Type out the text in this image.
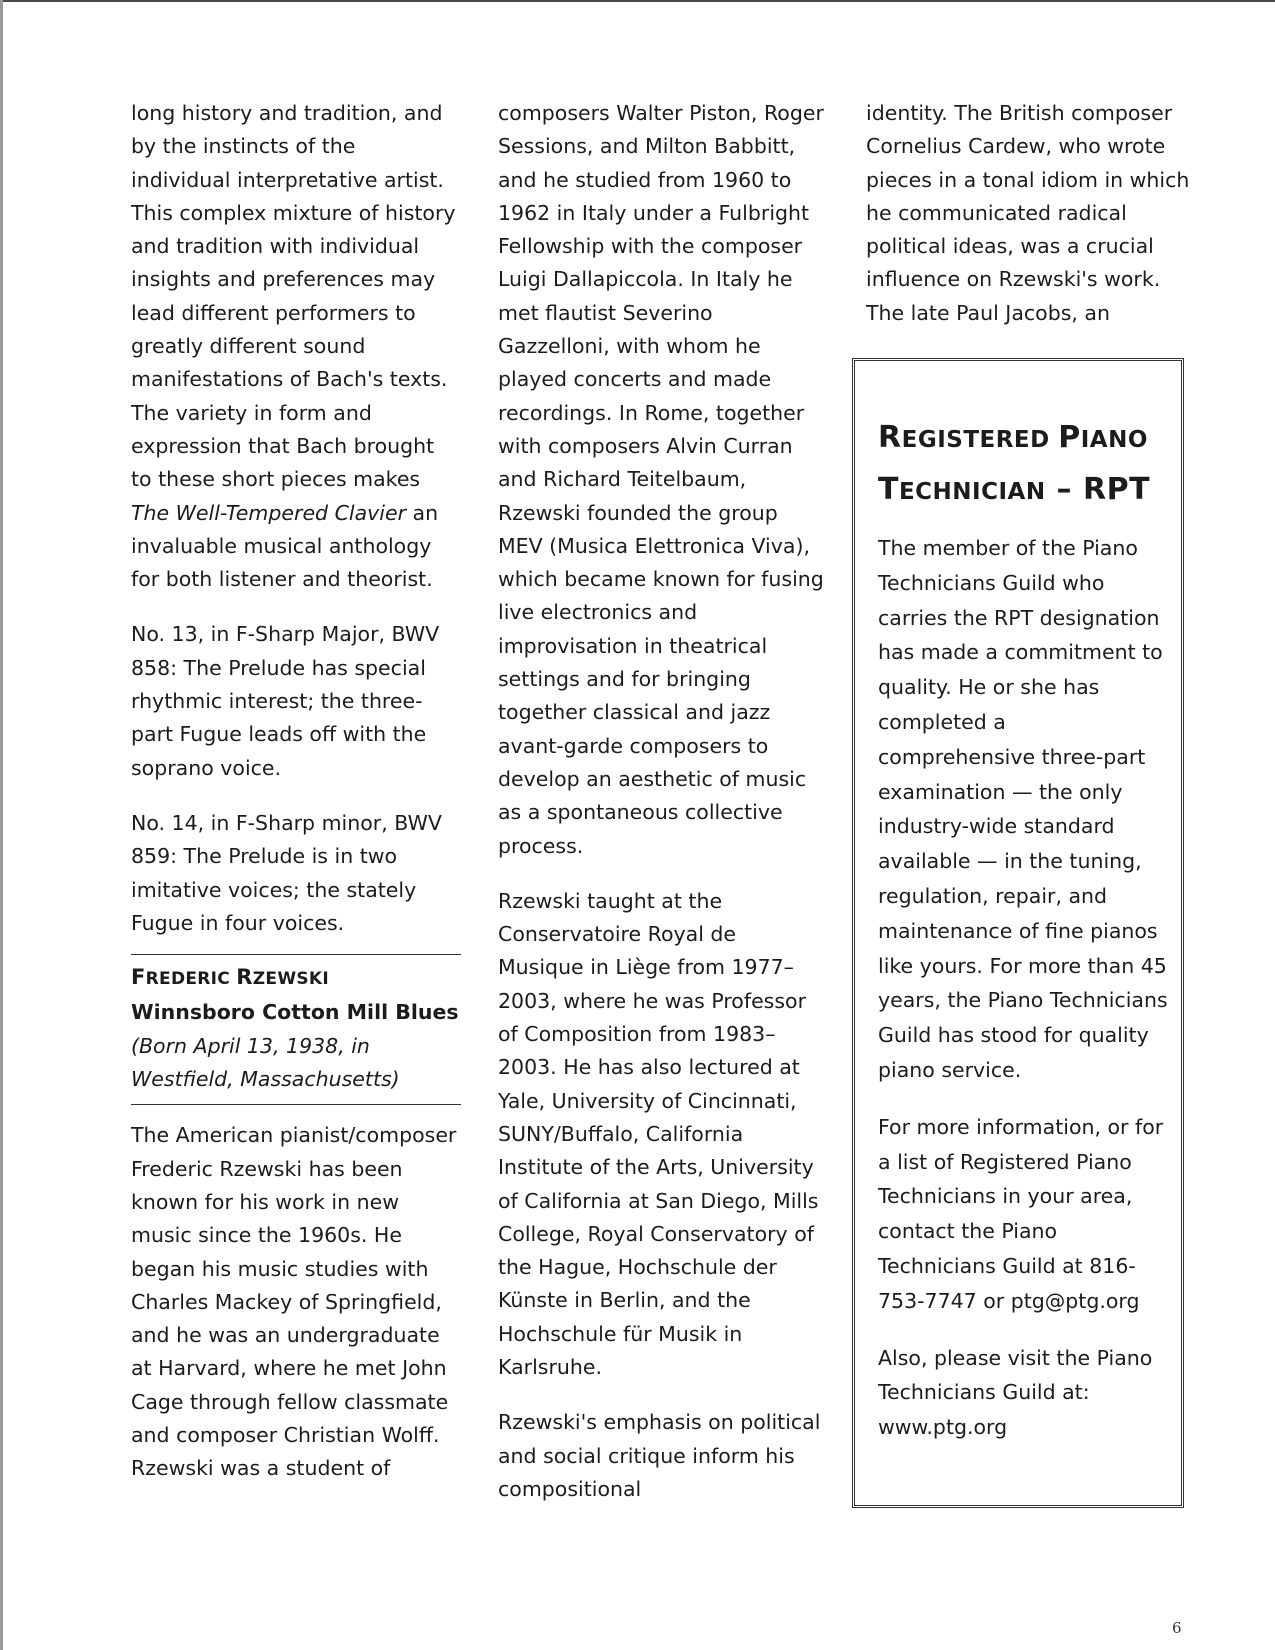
long history and tradition, and by the instincts of the individual interpretative artist. This complex mixture of history and tradition with individual insights and preferences may lead different performers to greatly different sound manifestations of Bach's texts. The variety in form and expression that Bach brought to these short pieces makes The Well-Tempered Clavier an invaluable musical anthology for both listener and theorist.

No. 13, in F-Sharp Major, BWV 858: The Prelude has special rhythmic interest; the three-part Fugue leads off with the soprano voice.

No. 14, in F-Sharp minor, BWV 859: The Prelude is in two imitative voices; the stately Fugue in four voices.

FREDERIC RZEWSKI

Winnsboro Cotton Mill Blues

(Born April 13, 1938, in Westfield, Massachusetts)

The American pianist/composer Frederic Rzewski has been known for his work in new music since the 1960s. He began his music studies with Charles Mackey of Springfield, and he was an undergraduate at Harvard, where he met John Cage through fellow classmate and composer Christian Wolff. Rzewski was a student of

composers Walter Piston, Roger Sessions, and Milton Babbitt, and he studied from 1960 to 1962 in Italy under a Fulbright Fellowship with the composer Luigi Dallapiccola. In Italy he met flautist Severino Gazzelloni, with whom he played concerts and made recordings. In Rome, together with composers Alvin Curran and Richard Teitelbaum, Rzewski founded the group MEV (Musica Elettronica Viva), which became known for fusing live electronics and improvisation in theatrical settings and for bringing together classical and jazz avant-garde composers to develop an aesthetic of music as a spontaneous collective process.

Rzewski taught at the Conservatoire Royal de Musique in Liège from 1977–2003, where he was Professor of Composition from 1983–2003. He has also lectured at Yale, University of Cincinnati, SUNY/Buffalo, California Institute of the Arts, University of California at San Diego, Mills College, Royal Conservatory of the Hague, Hochschule der Künste in Berlin, and the Hochschule für Musik in Karlsruhe.

Rzewski's emphasis on political and social critique inform his compositional

identity. The British composer Cornelius Cardew, who wrote pieces in a tonal idiom in which he communicated radical political ideas, was a crucial influence on Rzewski's work. The late Paul Jacobs, an

REGISTERED PIANO
TECHNICIAN – RPT

The member of the Piano Technicians Guild who carries the RPT designation has made a commitment to quality. He or she has completed a comprehensive three-part examination — the only industry-wide standard available — in the tuning, regulation, repair, and maintenance of fine pianos like yours. For more than 45 years, the Piano Technicians Guild has stood for quality piano service.

For more information, or for a list of Registered Piano Technicians in your area, contact the Piano Technicians Guild at 816-753-7747 or ptg@ptg.org

Also, please visit the Piano Technicians Guild at: www.ptg.org

6
